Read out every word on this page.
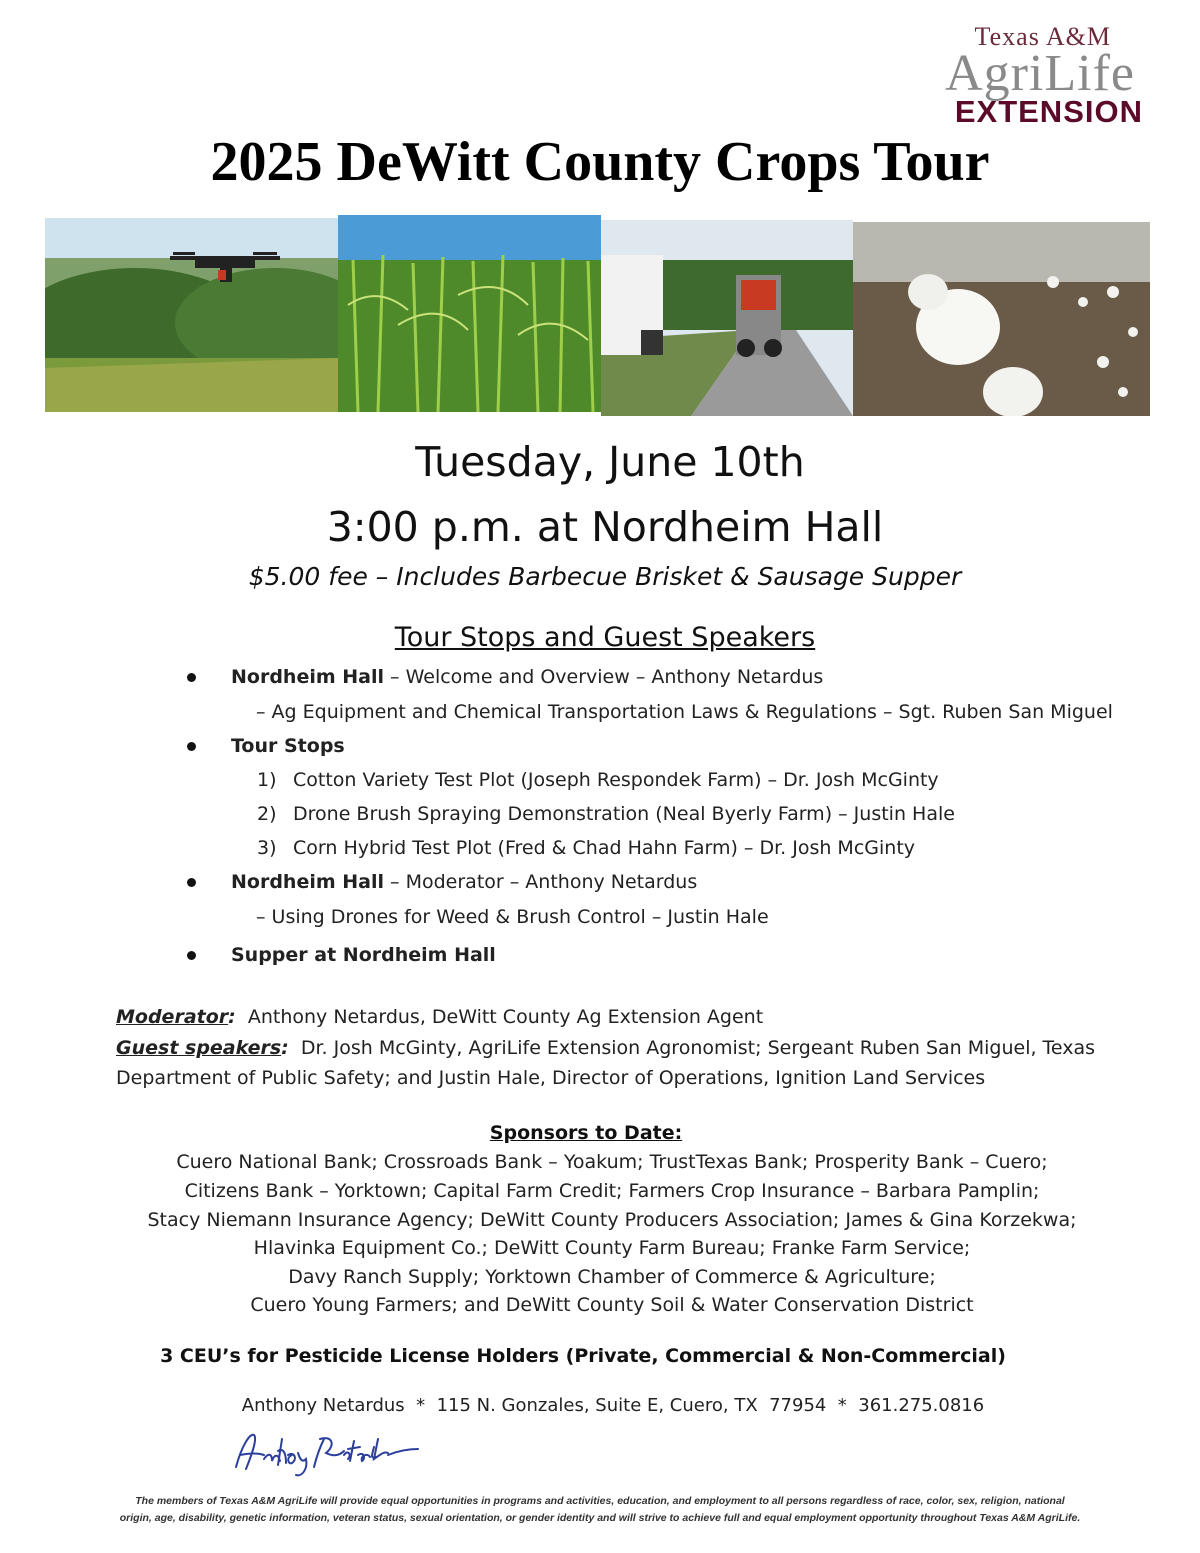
Texas A&M
AgriLife
EXTENSION
2025 DeWitt County Crops Tour
Tuesday, June 10th
3:00 p.m. at Nordheim Hall
$5.00 fee – Includes Barbecue Brisket & Sausage Supper
Tour Stops and Guest Speakers
Nordheim Hall – Welcome and Overview – Anthony Netardus
– Ag Equipment and Chemical Transportation Laws & Regulations – Sgt. Ruben San Miguel
Tour Stops
1) Cotton Variety Test Plot (Joseph Respondek Farm) – Dr. Josh McGinty
2) Drone Brush Spraying Demonstration (Neal Byerly Farm) – Justin Hale
3) Corn Hybrid Test Plot (Fred & Chad Hahn Farm) – Dr. Josh McGinty
Nordheim Hall – Moderator – Anthony Netardus
– Using Drones for Weed & Brush Control – Justin Hale
Supper at Nordheim Hall
Moderator: Anthony Netardus, DeWitt County Ag Extension Agent
Guest speakers: Dr. Josh McGinty, AgriLife Extension Agronomist; Sergeant Ruben San Miguel, Texas
Department of Public Safety; and Justin Hale, Director of Operations, Ignition Land Services
Sponsors to Date:
Cuero National Bank; Crossroads Bank – Yoakum; TrustTexas Bank; Prosperity Bank – Cuero;
Citizens Bank – Yorktown; Capital Farm Credit; Farmers Crop Insurance – Barbara Pamplin;
Stacy Niemann Insurance Agency; DeWitt County Producers Association; James & Gina Korzekwa;
Hlavinka Equipment Co.; DeWitt County Farm Bureau; Franke Farm Service;
Davy Ranch Supply; Yorktown Chamber of Commerce & Agriculture;
Cuero Young Farmers; and DeWitt County Soil & Water Conservation District
3 CEU’s for Pesticide License Holders (Private, Commercial & Non-Commercial)
Anthony Netardus  *  115 N. Gonzales, Suite E, Cuero, TX  77954  *  361.275.0816
The members of Texas A&M AgriLife will provide equal opportunities in programs and activities, education, and employment to all persons regardless of race, color, sex, religion, national
origin, age, disability, genetic information, veteran status, sexual orientation, or gender identity and will strive to achieve full and equal employment opportunity throughout Texas A&M AgriLife.
